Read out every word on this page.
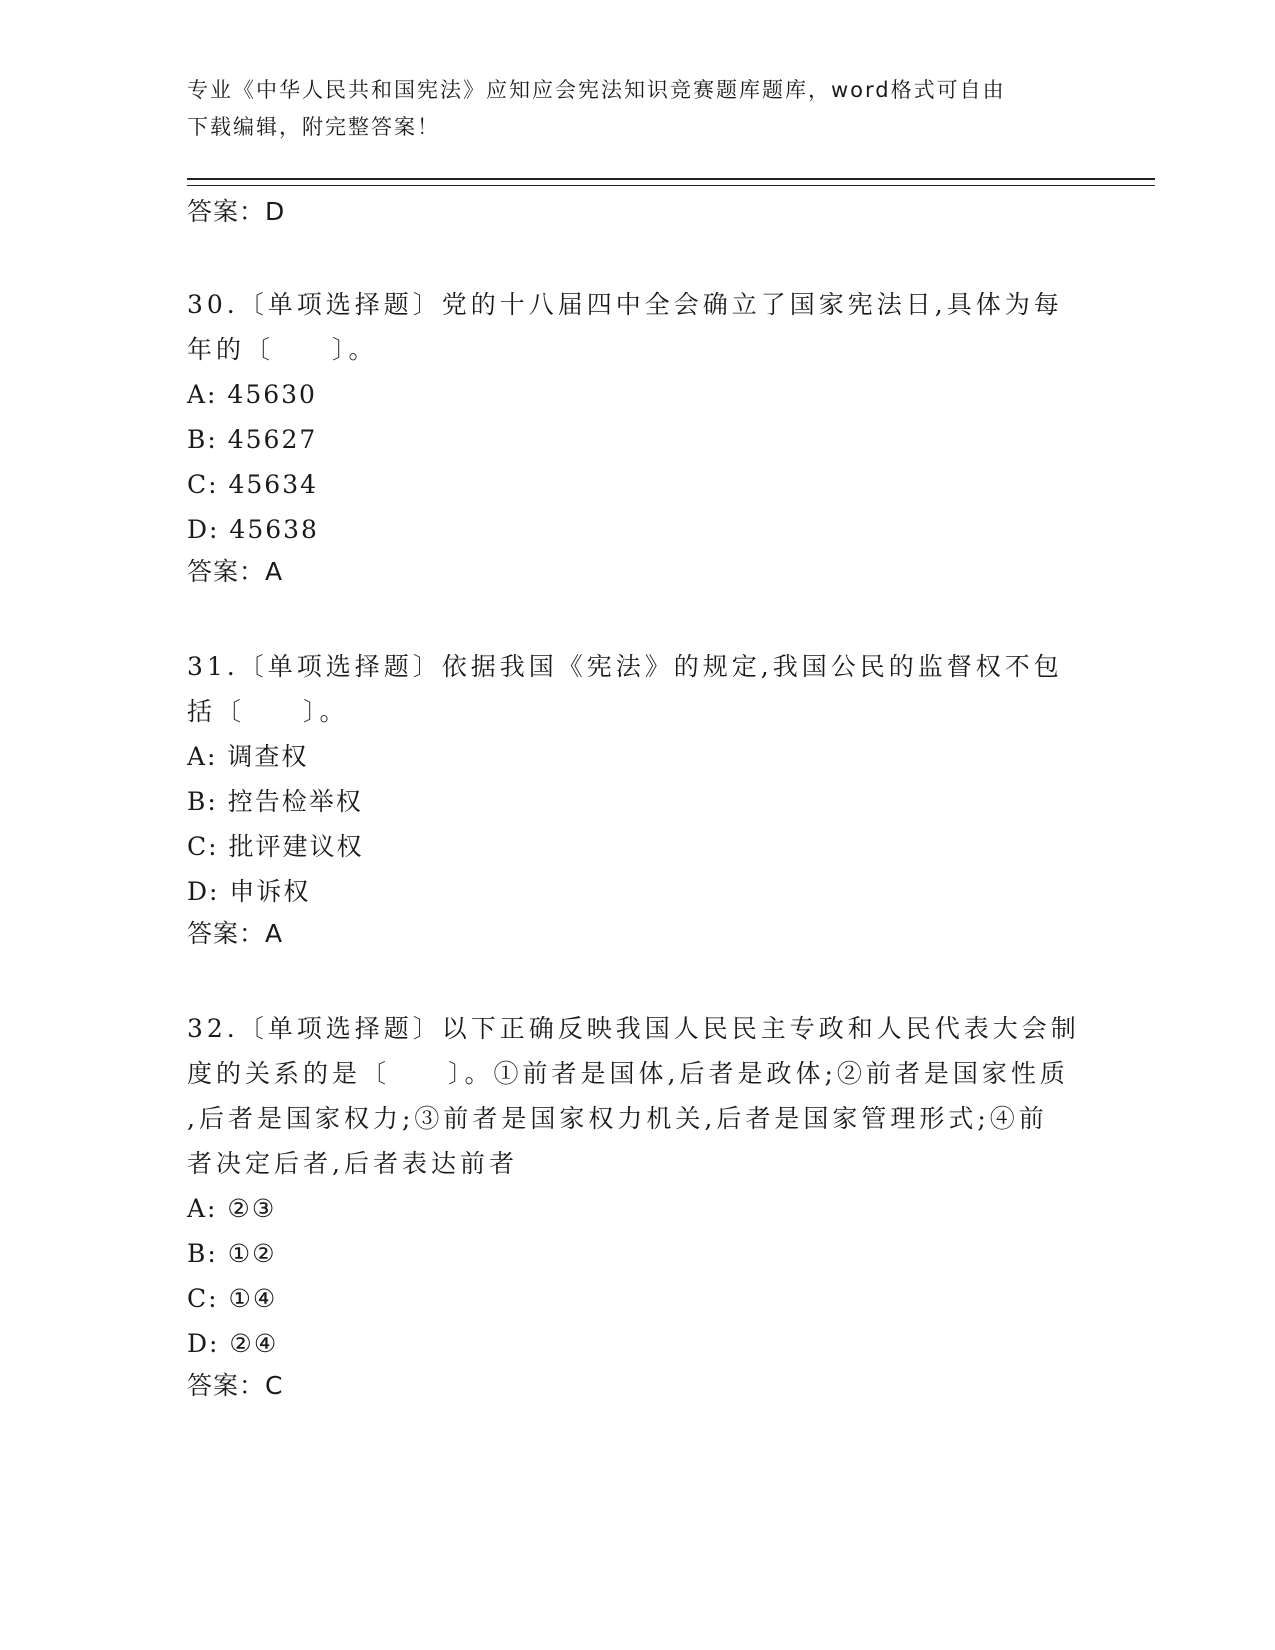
专业《中华人民共和国宪法》应知应会宪法知识竞赛题库题库，word格式可自由
下载编辑，附完整答案！

答案：D

30.〔单项选择题〕党的十八届四中全会确立了国家宪法日,具体为每

年的〔　　〕。

A: 45630

B: 45627

C: 45634

D: 45638

答案：A

31.〔单项选择题〕依据我国《宪法》的规定,我国公民的监督权不包

括〔　　〕。

A: 调查权

B: 控告检举权

C: 批评建议权

D: 申诉权

答案：A

32.〔单项选择题〕以下正确反映我国人民民主专政和人民代表大会制

度的关系的是〔　　〕。①前者是国体,后者是政体;②前者是国家性质

,后者是国家权力;③前者是国家权力机关,后者是国家管理形式;④前

者决定后者,后者表达前者

A: ②③

B: ①②

C: ①④

D: ②④

答案：C
